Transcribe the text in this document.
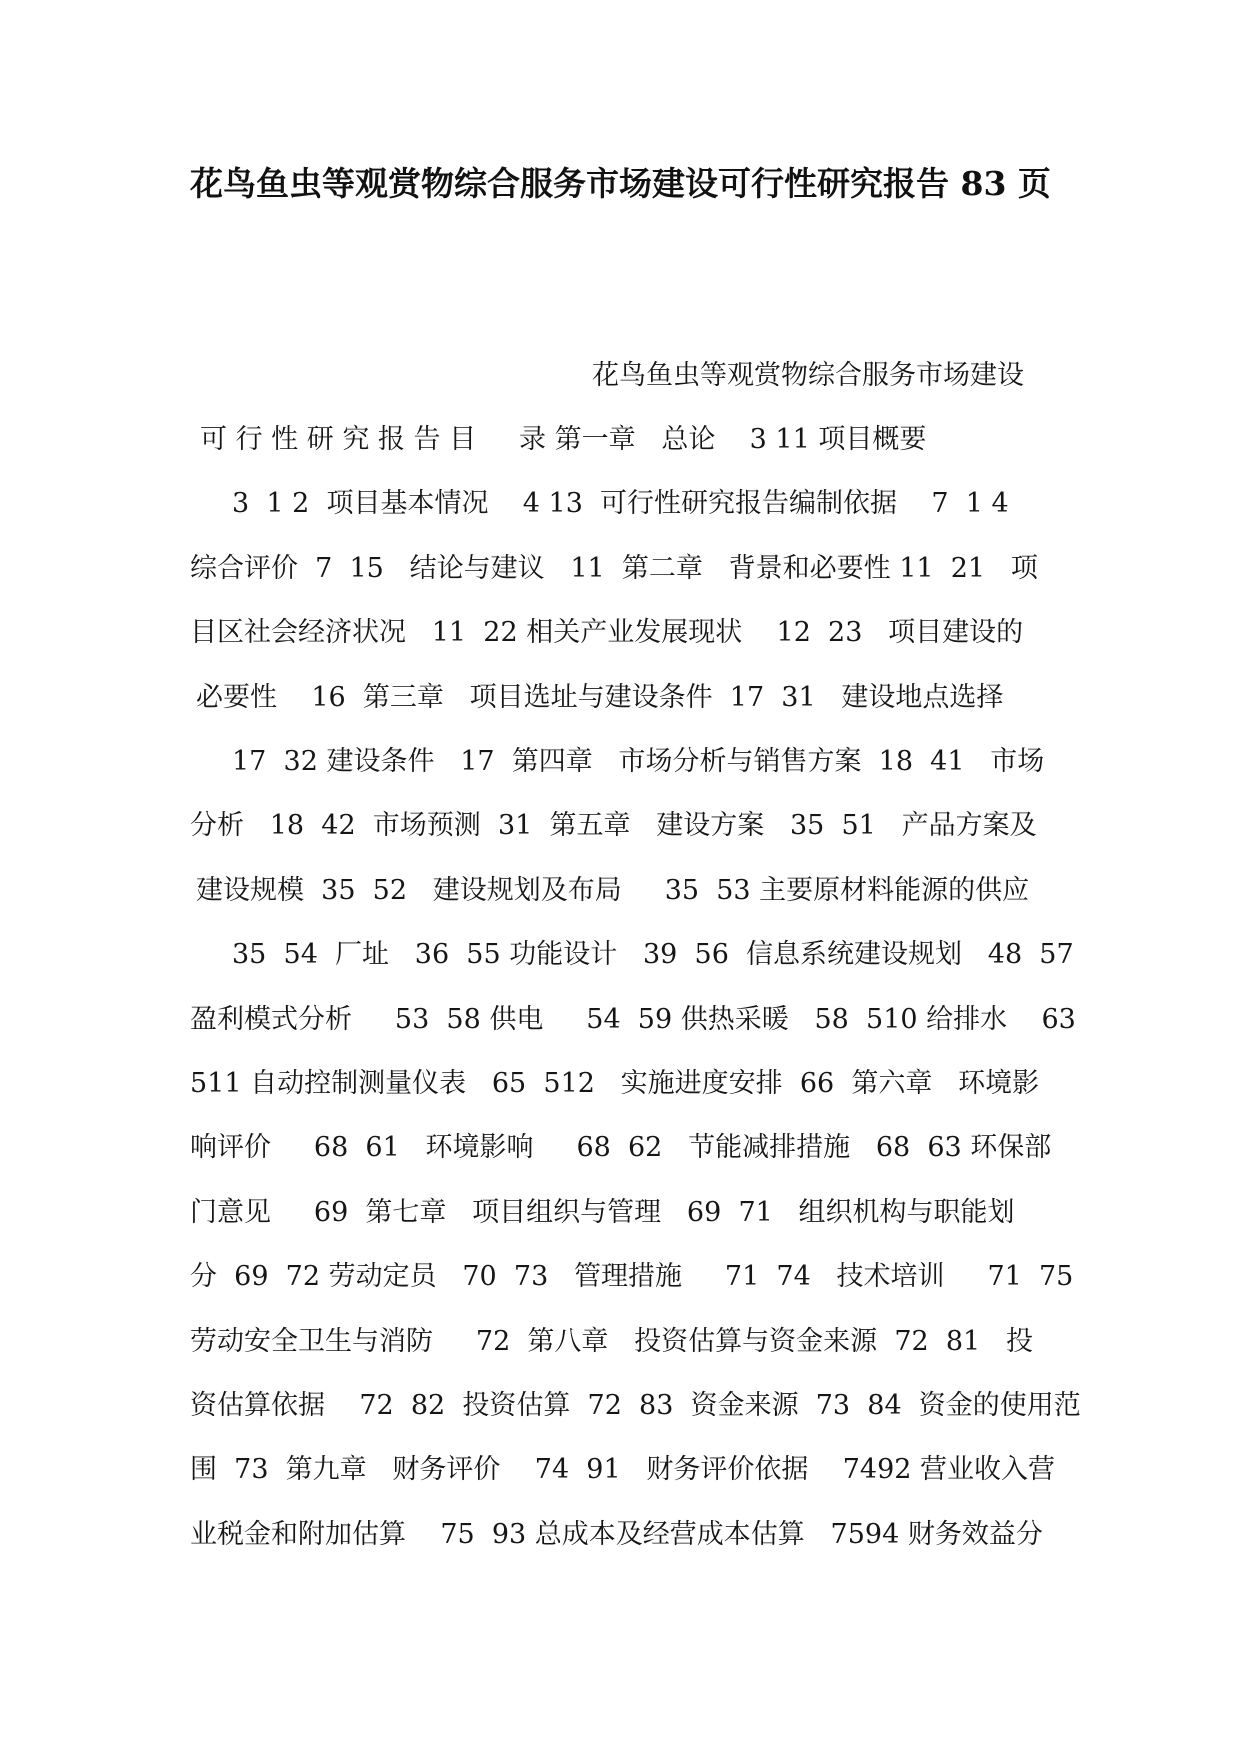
花鸟鱼虫等观赏物综合服务市场建设可行性研究报告 83 页
花鸟鱼虫等观赏物综合服务市场建设
可 行 性 研 究 报 告 目     录 第一章   总论    3 11 项目概要
3  1 2  项目基本情况    4 13  可行性研究报告编制依据    7  1 4
综合评价  7  15   结论与建议   11  第二章   背景和必要性 11  21   项
目区社会经济状况   11  22 相关产业发展现状    12  23   项目建设的
必要性    16  第三章   项目选址与建设条件  17  31   建设地点选择
17  32 建设条件   17  第四章   市场分析与销售方案  18  41   市场
分析   18  42  市场预测  31  第五章   建设方案   35  51   产品方案及
建设规模  35  52   建设规划及布局     35  53 主要原材料能源的供应
35  54  厂址   36  55 功能设计   39  56  信息系统建设规划   48  57
盈利模式分析     53  58 供电     54  59 供热采暖   58  510 给排水    63
511 自动控制测量仪表   65  512   实施进度安排  66  第六章   环境影
响评价     68  61   环境影响     68  62   节能减排措施   68  63 环保部
门意见     69  第七章   项目组织与管理   69  71   组织机构与职能划
分  69  72 劳动定员   70  73   管理措施     71  74   技术培训     71  75
劳动安全卫生与消防     72  第八章   投资估算与资金来源  72  81   投
资估算依据    72  82  投资估算  72  83  资金来源  73  84  资金的使用范
围  73  第九章   财务评价    74  91   财务评价依据    7492 营业收入营
业税金和附加估算    75  93 总成本及经营成本估算   7594 财务效益分
